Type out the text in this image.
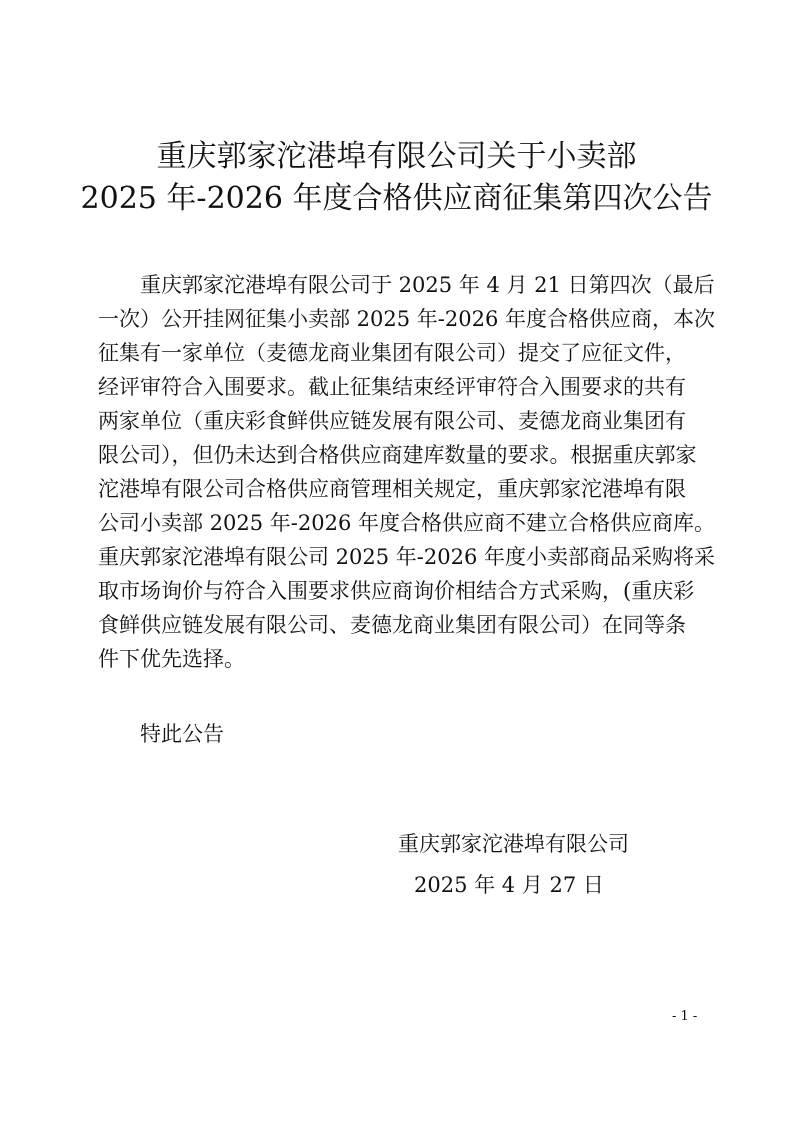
重庆郭家沱港埠有限公司关于小卖部
2025 年-2026 年度合格供应商征集第四次公告
重庆郭家沱港埠有限公司于 2025 年 4 月 21 日第四次（最后
一次）公开挂网征集小卖部 2025 年-2026 年度合格供应商，本次
征集有一家单位（麦德龙商业集团有限公司）提交了应征文件，
经评审符合入围要求。截止征集结束经评审符合入围要求的共有
两家单位（重庆彩食鲜供应链发展有限公司、麦德龙商业集团有
限公司），但仍未达到合格供应商建库数量的要求。根据重庆郭家
沱港埠有限公司合格供应商管理相关规定，重庆郭家沱港埠有限
公司小卖部 2025 年-2026 年度合格供应商不建立合格供应商库。
重庆郭家沱港埠有限公司 2025 年-2026 年度小卖部商品采购将采
取市场询价与符合入围要求供应商询价相结合方式采购，(重庆彩
食鲜供应链发展有限公司、麦德龙商业集团有限公司）在同等条
件下优先选择。
特此公告
重庆郭家沱港埠有限公司
2025 年 4 月 27 日
- 1 -
